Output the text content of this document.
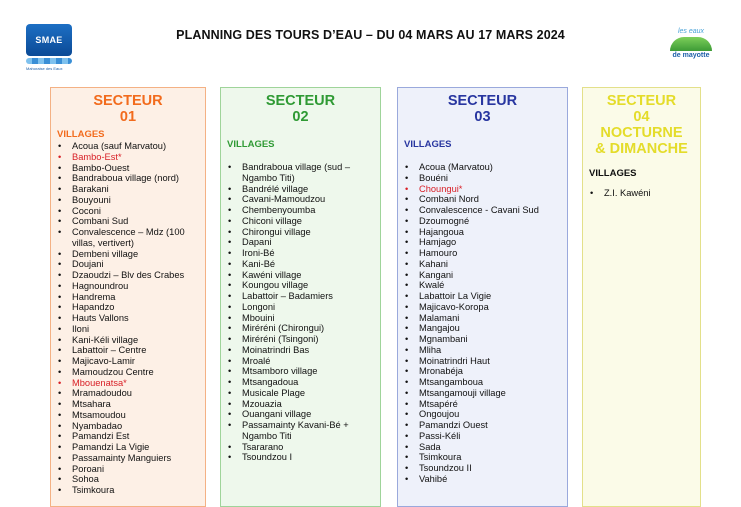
SMAE
Mahoraise des Eaux
PLANNING DES TOURS D’EAU – DU 04 MARS AU 17 MARS 2024	les eaux
de mayotte
SECTEUR
01
VILLAGES
• Acoua (sauf Marvatou)
• Bambo-Est*
• Bambo-Ouest
• Bandraboua village (nord)
• Barakani
• Bouyouni
• Coconi
• Combani Sud
• Convalescence – Mdz (100 villas, vertivert)
• Dembeni village
• Doujani
• Dzaoudzi – Blv des Crabes
• Hagnoundrou
• Handrema
• Hapandzo
• Hauts Vallons
• Iloni
• Kani-Kéli village
• Labattoir – Centre
• Majicavo-Lamir
• Mamoudzou Centre
• Mbouenatsa*
• Mramadoudou
• Mtsahara
• Mtsamoudou
• Nyambadao
• Pamandzi Est
• Pamandzi La Vigie
• Passamainty Manguiers
• Poroani
• Sohoa
• Tsimkoura
SECTEUR
02
VILLAGES
• Bandraboua village (sud – Ngambo Titi)
• Bandrélé village
• Cavani-Mamoudzou
• Chembenyoumba
• Chiconi village
• Chirongui village
• Dapani
• Ironi-Bé
• Kani-Bé
• Kawéni village
• Koungou village
• Labattoir – Badamiers
• Longoni
• Mbouini
• Miréréni (Chirongui)
• Miréréni (Tsingoni)
• Moinatrindri Bas
• Mroalé
• Mtsamboro village
• Mtsangadoua
• Musicale Plage
• Mzouazia
• Ouangani village
• Passamainty Kavani-Bé + Ngambo Titi
• Tsararano
• Tsoundzou I
SECTEUR
03
VILLAGES
• Acoua (Marvatou)
• Bouéni
• Choungui*
• Combani Nord
• Convalescence - Cavani Sud
• Dzoumogné
• Hajangoua
• Hamjago
• Hamouro
• Kahani
• Kangani
• Kwalé
• Labattoir La Vigie
• Majicavo-Koropa
• Malamani
• Mangajou
• Mgnambani
• Mliha
• Moinatrindri Haut
• Mronabéja
• Mtsangamboua
• Mtsangamouji village
• Mtsapéré
• Ongoujou
• Pamandzi Ouest
• Passi-Kéli
• Sada
• Tsimkoura
• Tsoundzou II
• Vahibé
SECTEUR
04
NOCTURNE
& DIMANCHE
VILLAGES
• Z.I. Kawéni
